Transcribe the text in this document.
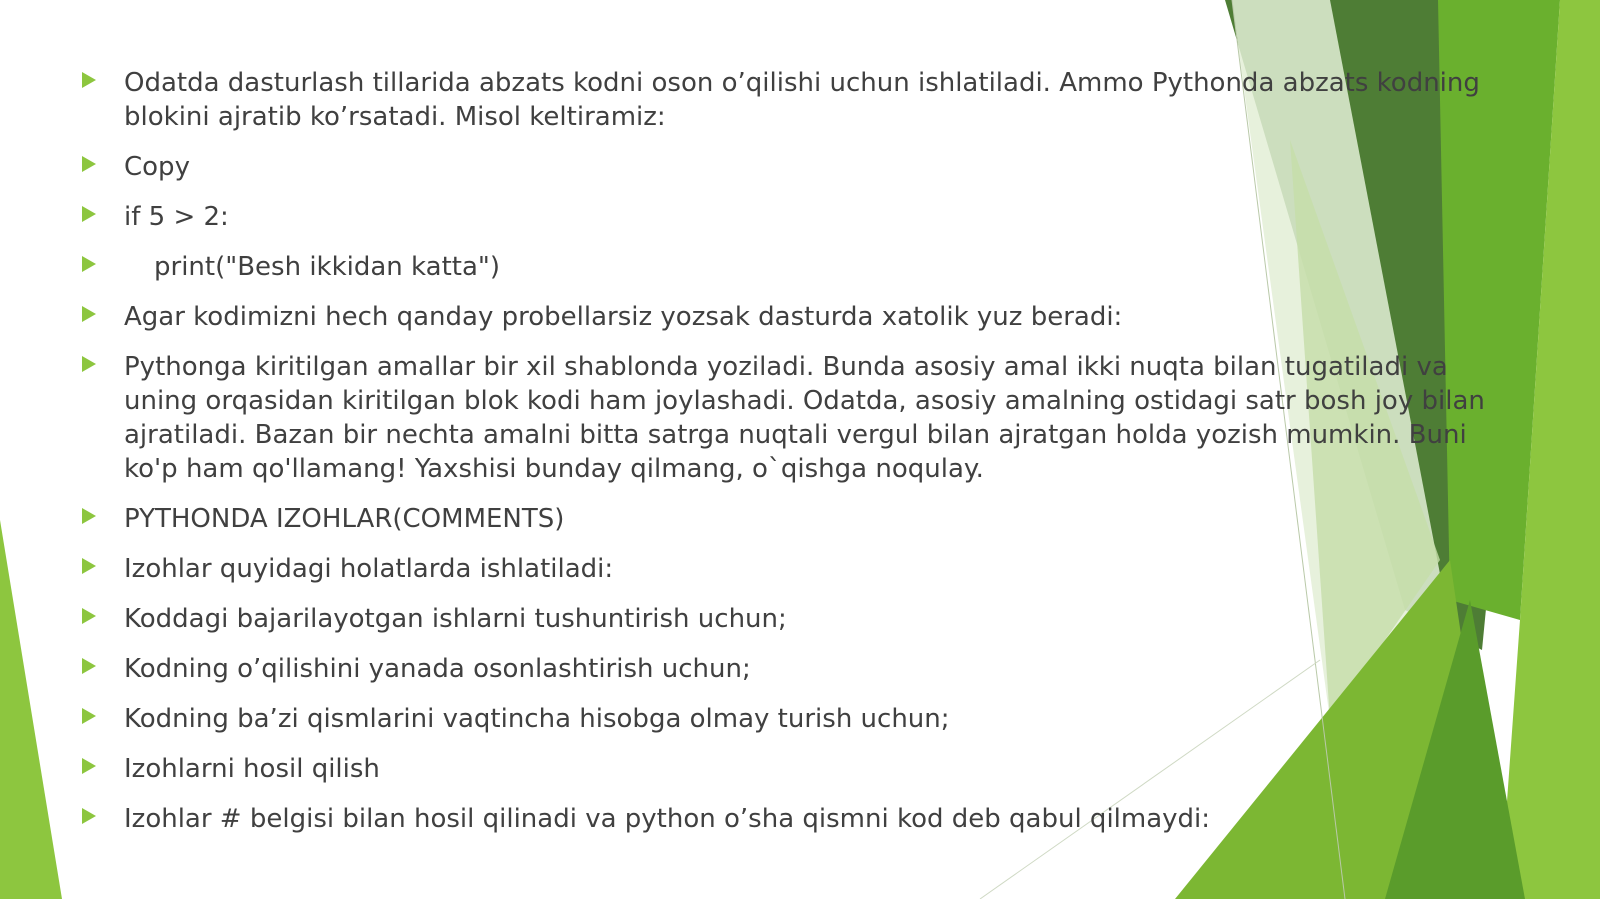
Odatda dasturlash tillarida abzats kodni oson o’qilishi uchun ishlatiladi. Ammo Pythonda abzats kodning blokini ajratib ko’rsatadi. Misol keltiramiz:
Copy
if 5 > 2:
print("Besh ikkidan katta")
Agar kodimizni hech qanday probellarsiz yozsak dasturda xatolik yuz beradi:
Pythonga kiritilgan amallar bir xil shablonda yoziladi. Bunda asosiy amal ikki nuqta bilan tugatiladi va uning orqasidan kiritilgan blok kodi ham joylashadi. Odatda, asosiy amalning ostidagi satr bosh joy bilan ajratiladi. Bazan bir nechta amalni bitta satrga nuqtali vergul bilan ajratgan holda yozish mumkin. Buni ko'p ham qo'llamang! Yaxshisi bunday qilmang, o`qishga noqulay.
PYTHONDA IZOHLAR(COMMENTS)
Izohlar quyidagi holatlarda ishlatiladi:
Koddagi bajarilayotgan ishlarni tushuntirish uchun;
Kodning o’qilishini yanada osonlashtirish uchun;
Kodning ba’zi qismlarini vaqtincha hisobga olmay turish uchun;
Izohlarni hosil qilish
Izohlar # belgisi bilan hosil qilinadi va python o’sha qismni kod deb qabul qilmaydi:
